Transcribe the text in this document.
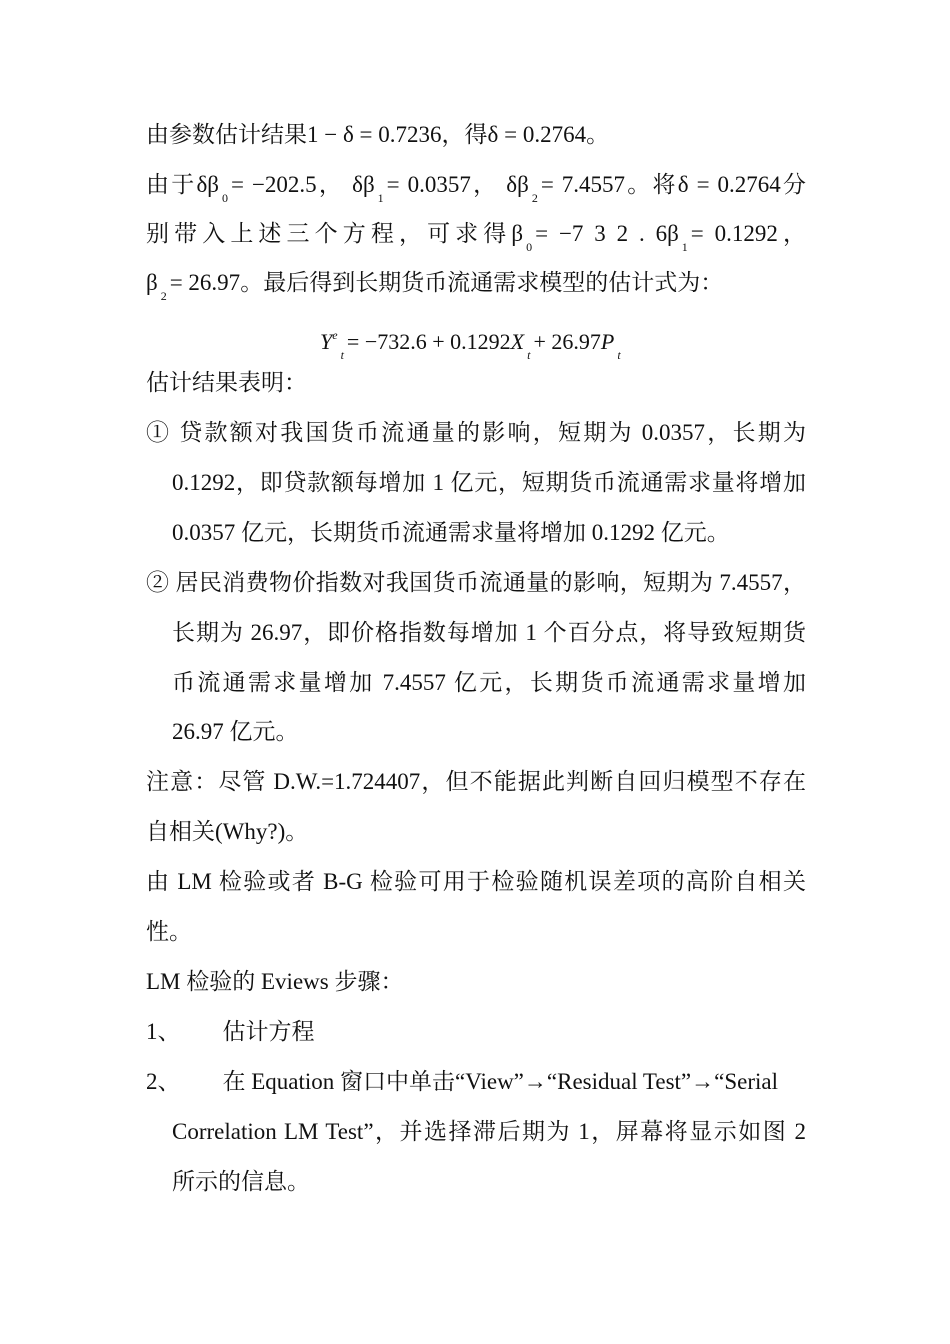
由参数估计结果1 − δ = 0.7236，得δ = 0.2764。
由于$\delta\beta_0= -202.5$， $\delta\beta_1= 0.0357$， $\delta\beta_2= 7.4557$。将δ = 0.2764分
别带入上述三个方程，可求得$\beta_0= -7$ 3 2 . $6\beta_1= 0.1292$，
$\beta_2= 26.97$。最后得到长期货币流通需求模型的估计式为：
$Y^e_t= -732.6 + 0.1292X_t+ 26.97P_t$
估计结果表明：
① 贷款额对我国货币流通量的影响，短期为 0.0357，长期为
0.1292，即贷款额每增加 1 亿元，短期货币流通需求量将增加
0.0357 亿元，长期货币流通需求量将增加 0.1292 亿元。
② 居民消费物价指数对我国货币流通量的影响，短期为 7.4557，
长期为 26.97，即价格指数每增加 1 个百分点，将导致短期货
币流通需求量增加 7.4557 亿元，长期货币流通需求量增加
26.97 亿元。
注意：尽管 D.W.=1.724407，但不能据此判断自回归模型不存在
自相关(Why?)。
由 LM 检验或者 B-G 检验可用于检验随机误差项的高阶自相关
性。
LM 检验的 Eviews 步骤：
1、 估计方程
2、 在 Equation 窗口中单击“View”→“Residual Test”→“Serial
Correlation LM Test”，并选择滞后期为 1，屏幕将显示如图 2
所示的信息。
